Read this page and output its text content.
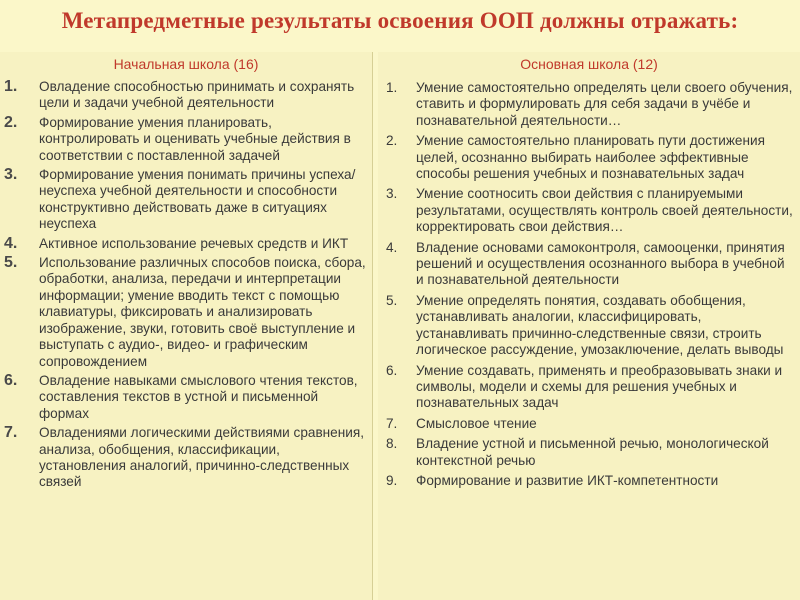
Метапредметные результаты освоения ООП должны отражать:
Начальная школа (16)
1. Овладение способностью принимать и сохранять цели и задачи учебной деятельности
2. Формирование умения планировать, контролировать и оценивать учебные действия в соответствии с поставленной задачей
3. Формирование умения понимать причины успеха/неуспеха учебной деятельности и способности конструктивно действовать даже в ситуациях неуспеха
4. Активное использование речевых средств и ИКТ
5. Использование различных способов поиска, сбора, обработки, анализа, передачи и интерпретации информации; умение вводить текст с помощью клавиатуры, фиксировать и анализировать изображение, звуки, готовить своё выступление и выступать с аудио-, видео- и графическим сопровождением
6. Овладение навыками смыслового чтения текстов, составления текстов в устной и письменной формах
7. Овладениями логическими действиями сравнения, анализа, обобщения, классификации, установления аналогий, причинно-следственных связей
Основная школа (12)
1. Умение самостоятельно определять цели своего обучения, ставить и формулировать для себя задачи в учёбе и познавательной деятельности…
2. Умение самостоятельно планировать пути достижения целей, осознанно выбирать наиболее эффективные способы решения учебных и познавательных задач
3. Умение соотносить свои действия с планируемыми результатами, осуществлять контроль своей деятельности, корректировать свои действия…
4. Владение основами самоконтроля, самооценки, принятия решений и осуществления осознанного выбора в учебной и познавательной деятельности
5. Умение определять понятия, создавать обобщения, устанавливать аналогии, классифицировать, устанавливать причинно-следственные связи, строить логическое рассуждение, умозаключение, делать выводы
6. Умение создавать, применять и преобразовывать знаки и символы, модели и схемы для решения учебных и познавательных задач
7. Смысловое чтение
8. Владение устной и письменной речью, монологической контекстной речью
9. Формирование и развитие ИКТ-компетентности
